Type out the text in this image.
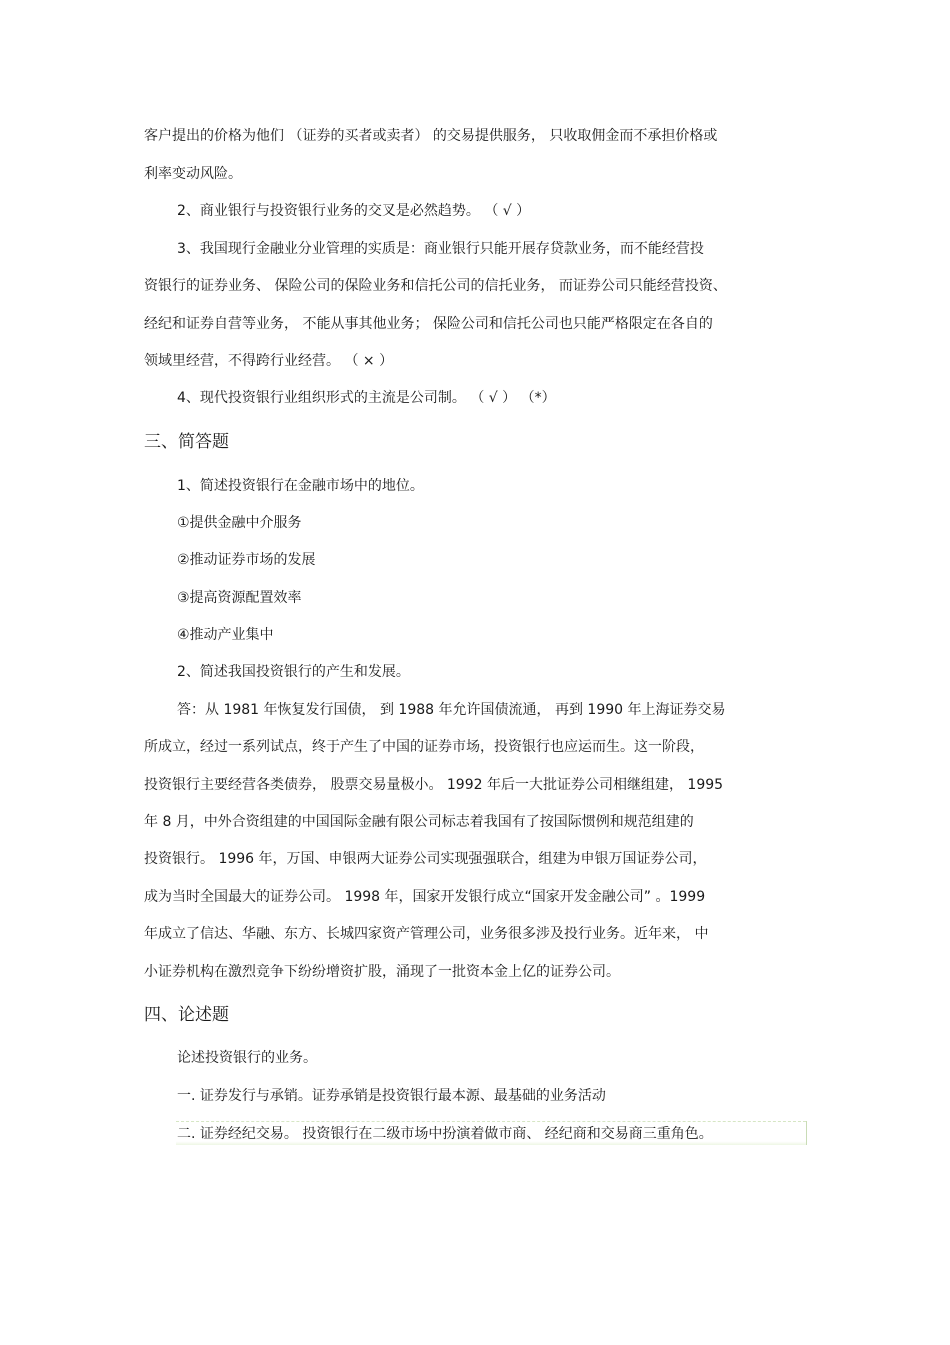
客户提出的价格为他们 （证券的买者或卖者） 的交易提供服务， 只收取佣金而不承担价格或
利率变动风险。
2、商业银行与投资银行业务的交叉是必然趋势。 （ √ ）
3、我国现行金融业分业管理的实质是：商业银行只能开展存贷款业务，而不能经营投
资银行的证券业务、 保险公司的保险业务和信托公司的信托业务， 而证券公司只能经营投资、
经纪和证券自营等业务， 不能从事其他业务； 保险公司和信托公司也只能严格限定在各自的
领域里经营，不得跨行业经营。 （ × ）
4、现代投资银行业组织形式的主流是公司制。 （ √ ） （*）
三、简答题
1、简述投资银行在金融市场中的地位。
①提供金融中介服务
②推动证券市场的发展
③提高资源配置效率
④推动产业集中
2、简述我国投资银行的产生和发展。
答：从 1981 年恢复发行国债， 到 1988 年允许国债流通， 再到 1990 年上海证券交易
所成立，经过一系列试点，终于产生了中国的证券市场，投资银行也应运而生。这一阶段，
投资银行主要经营各类债券， 股票交易量极小。 1992 年后一大批证券公司相继组建， 1995
年 8 月，中外合资组建的中国国际金融有限公司标志着我国有了按国际惯例和规范组建的
投资银行。 1996 年，万国、申银两大证券公司实现强强联合，组建为申银万国证券公司，
成为当时全国最大的证券公司。 1998 年，国家开发银行成立“国家开发金融公司” 。1999
年成立了信达、华融、东方、长城四家资产管理公司，业务很多涉及投行业务。近年来， 中
小证券机构在激烈竞争下纷纷增资扩股，涌现了一批资本金上亿的证券公司。
四、论述题
论述投资银行的业务。
一. 证券发行与承销。证券承销是投资银行最本源、最基础的业务活动
二. 证券经纪交易。 投资银行在二级市场中扮演着做市商、 经纪商和交易商三重角色。
